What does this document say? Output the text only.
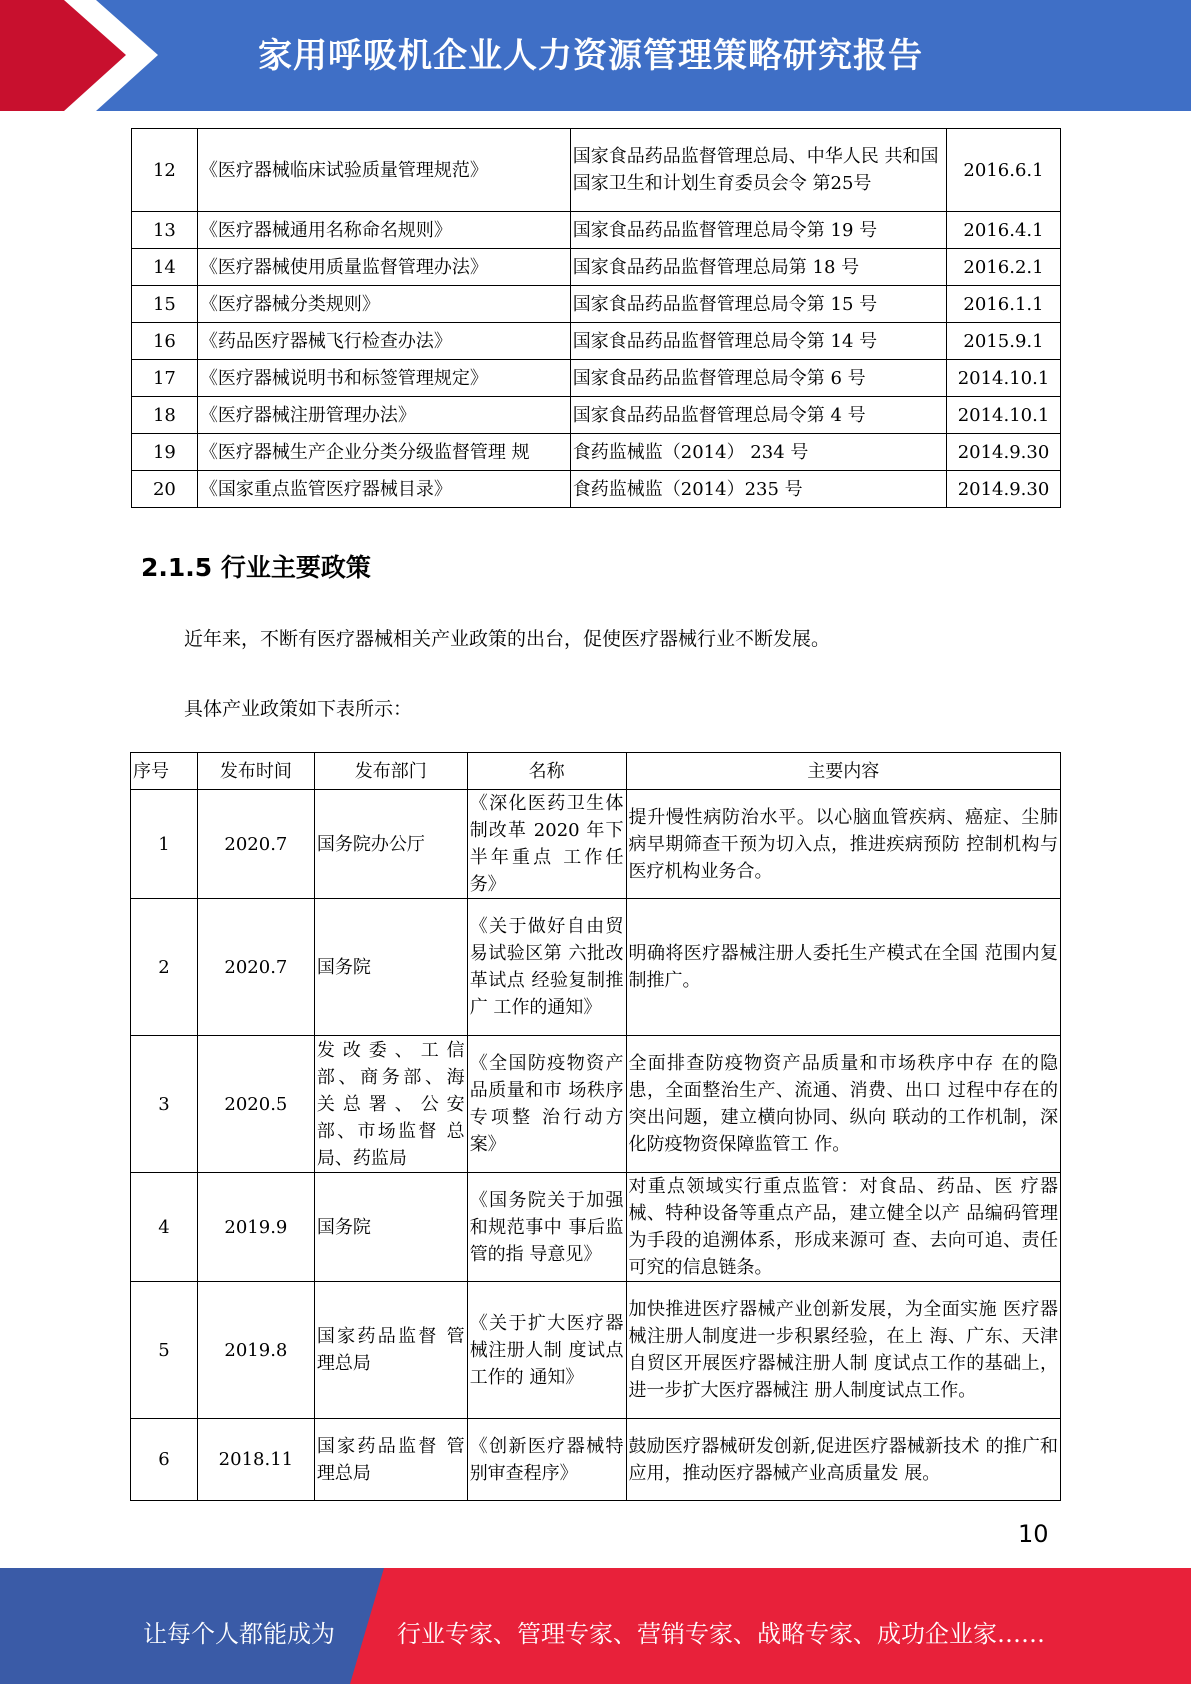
家用呼吸机企业人力资源管理策略研究报告
12	《医疗器械临床试验质量管理规范》	国家食品药品监督管理总局、中华人民 共和国国家卫生和计划生育委员会令 第25号	2016.6.1
13	《医疗器械通用名称命名规则》	国家食品药品监督管理总局令第 19 号	2016.4.1
14	《医疗器械使用质量监督管理办法》	国家食品药品监督管理总局第 18 号	2016.2.1
15	《医疗器械分类规则》	国家食品药品监督管理总局令第 15 号	2016.1.1
16	《药品医疗器械飞行检查办法》	国家食品药品监督管理总局令第 14 号	2015.9.1
17	《医疗器械说明书和标签管理规定》	国家食品药品监督管理总局令第 6 号	2014.10.1
18	《医疗器械注册管理办法》	国家食品药品监督管理总局令第 4 号	2014.10.1
19	《医疗器械生产企业分类分级监督管理 规	食药监械监（2014） 234 号	2014.9.30
20	《国家重点监管医疗器械目录》	食药监械监（2014）235 号	2014.9.30
2.1.5 行业主要政策
近年来，不断有医疗器械相关产业政策的出台，促使医疗器械行业不断发展。
具体产业政策如下表所示：
序号	发布时间	发布部门	名称	主要内容
1	2020.7	国务院办公厅	《深化医药卫生体制改革 2020 年下半年重点 工作任务》	提升慢性病防治水平。以心脑血管疾病、癌症、尘肺病早期筛查干预为切入点，推进疾病预防 控制机构与医疗机构业务合。
2	2020.7	国务院	《关于做好自由贸易试验区第 六批改革试点 经验复制推广 工作的通知》	明确将医疗器械注册人委托生产模式在全国 范围内复制推广。
3	2020.5	发改委、工信 部、商务部、海 关总署、公安 部、市场监督 总局、药监局	《全国防疫物资产品质量和市 场秩序专项整 治行动方案》	全面排查防疫物资产品质量和市场秩序中存 在的隐患，全面整治生产、流通、消费、出口 过程中存在的突出问题，建立横向协同、纵向 联动的工作机制，深化防疫物资保障监管工 作。
4	2019.9	国务院	《国务院关于加强和规范事中 事后监管的指 导意见》	对重点领域实行重点监管：对食品、药品、医 疗器械、特种设备等重点产品，建立健全以产 品编码管理为手段的追溯体系，形成来源可 查、去向可追、责任可究的信息链条。
5	2019.8	国家药品监督 管理总局	《关于扩大医疗器械注册人制 度试点工作的 通知》	加快推进医疗器械产业创新发展，为全面实施 医疗器械注册人制度进一步积累经验，在上 海、广东、天津自贸区开展医疗器械注册人制 度试点工作的基础上，进一步扩大医疗器械注 册人制度试点工作。
6	2018.11	国家药品监督 管理总局	《创新医疗器械特别审查程序》	鼓励医疗器械研发创新,促进医疗器械新技术 的推广和应用，推动医疗器械产业高质量发 展。
10
让每个人都能成为	行业专家、管理专家、营销专家、战略专家、成功企业家……
